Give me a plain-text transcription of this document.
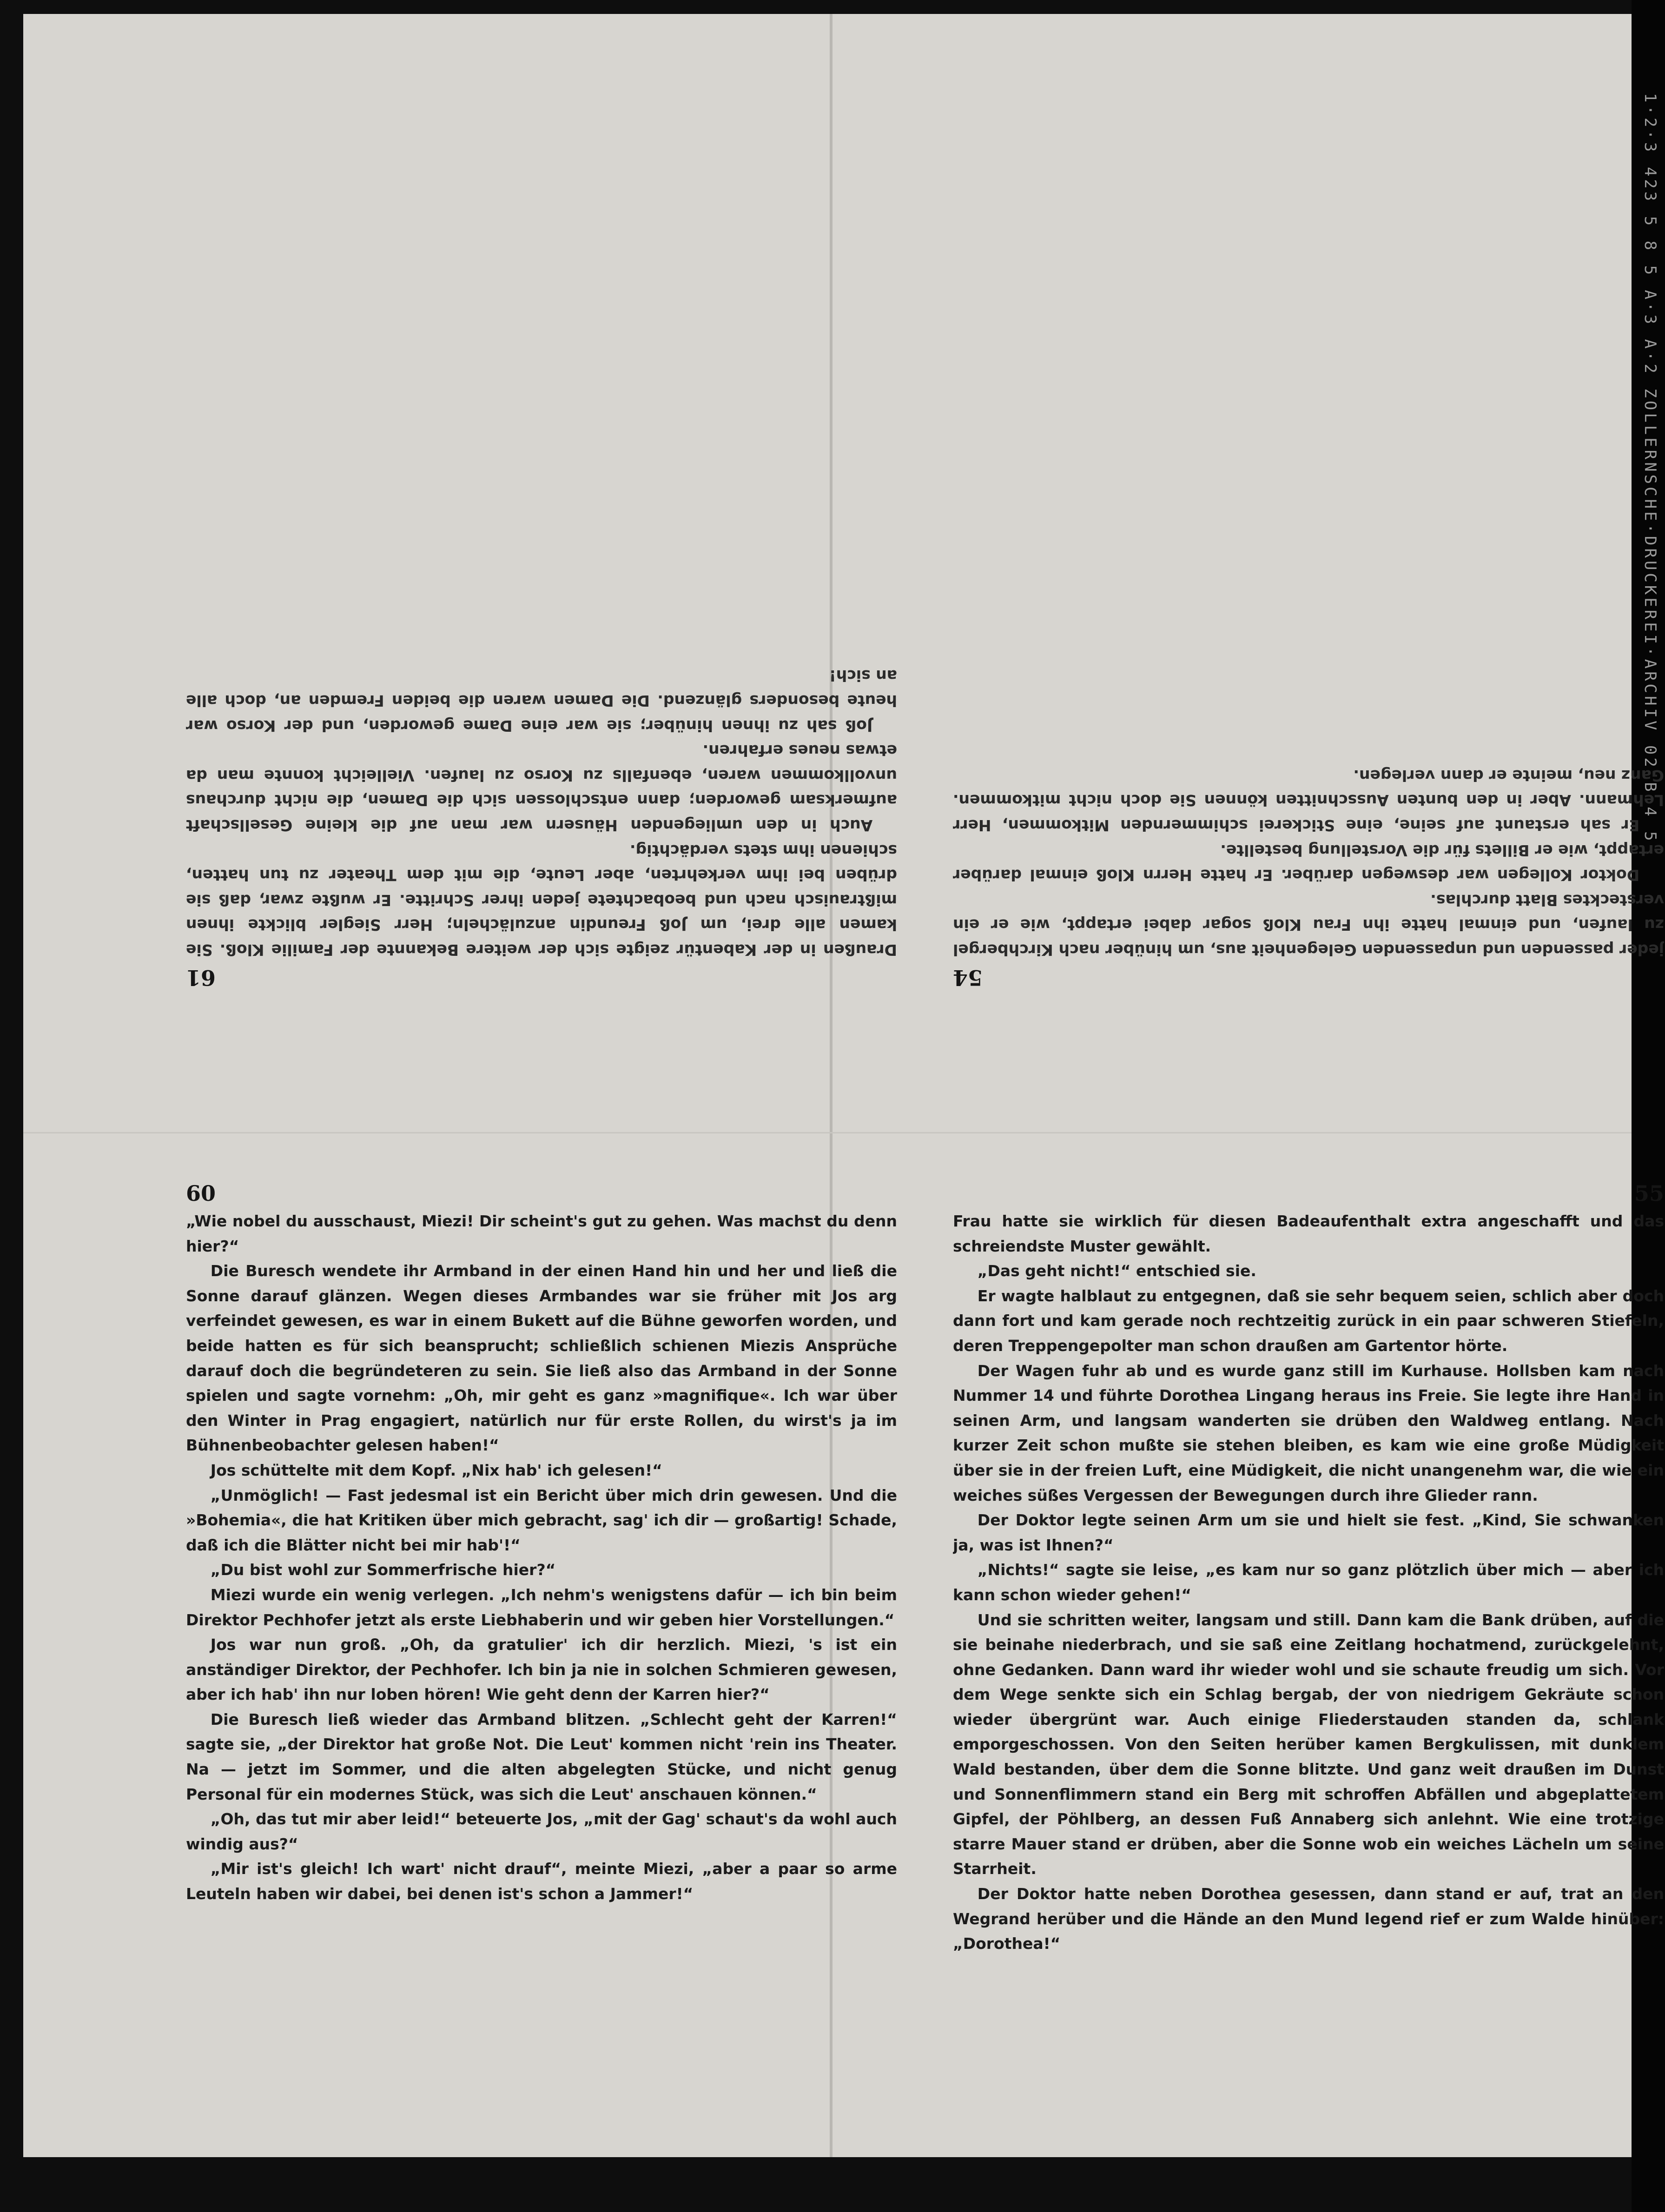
1·2·3 423 5 8 5 A·3 A·2 ZOLLERNSCHE·DRUCKEREI·ARCHIV 02 B 4 5
61

Draußen in der Kabentür zeigte sich der weitere Bekannte der Familie Kloß. Sie kamen alle drei, um Joß Freundin anzulächeln; Herr Siegler blickte ihnen mißtrauisch nach und beobachtete jeden ihrer Schritte. Er wußte zwar, daß sie drüben bei ihm verkehrten, aber Leute, die mit dem Theater zu tun hatten, schienen ihm stets verdächtig.

Auch in den umliegenden Häusern war man auf die kleine Gesellschaft aufmerksam geworden; dann entschlossen sich die Damen, die nicht durchaus unvollkommen waren, ebenfalls zu Korso zu laufen. Vielleicht konnte man da etwas neues erfahren.

Joß sah zu ihnen hinüber; sie war eine Dame geworden, und der Korso war heute besonders glänzend. Die Damen waren die beiden Fremden an, doch alle an sich!

54

jeder passenden und unpassenden Gelegenheit aus, um hinüber nach Kirchbergel zu laufen, und einmal hatte ihn Frau Kloß sogar dabei ertappt, wie er ein verstecktes Blatt durchlas.

Doktor Kollegen war deswegen darüber. Er hatte Herrn Kloß einmal darüber ertappt, wie er Billets für die Vorstellung bestellte.

Er sah erstaunt auf seine, eine Stickerei schimmernden Mitkommen, Herr Lehmann. Aber in den bunten Ausschnitten können Sie doch nicht mitkommen. Ganz neu, meinte er dann verlegen.

60

„Wie nobel du ausschaust, Miezi! Dir scheint's gut zu gehen. Was machst du denn hier?“

Die Buresch wendete ihr Armband in der einen Hand hin und her und ließ die Sonne darauf glänzen. Wegen dieses Armbandes war sie früher mit Jos arg verfeindet gewesen, es war in einem Bukett auf die Bühne geworfen worden, und beide hatten es für sich beansprucht; schließlich schienen Miezis Ansprüche darauf doch die begründeteren zu sein. Sie ließ also das Armband in der Sonne spielen und sagte vornehm: „Oh, mir geht es ganz »magnifique«. Ich war über den Winter in Prag engagiert, natürlich nur für erste Rollen, du wirst's ja im Bühnenbeobachter gelesen haben!“

Jos schüttelte mit dem Kopf. „Nix hab' ich gelesen!“

„Unmöglich! — Fast jedesmal ist ein Bericht über mich drin gewesen. Und die »Bohemia«, die hat Kritiken über mich gebracht, sag' ich dir — großartig! Schade, daß ich die Blätter nicht bei mir hab'!“

„Du bist wohl zur Sommerfrische hier?“

Miezi wurde ein wenig verlegen. „Ich nehm's wenigstens dafür — ich bin beim Direktor Pechhofer jetzt als erste Liebhaberin und wir geben hier Vorstellungen.“

Jos war nun groß. „Oh, da gratulier' ich dir herzlich. Miezi, 's ist ein anständiger Direktor, der Pechhofer. Ich bin ja nie in solchen Schmieren gewesen, aber ich hab' ihn nur loben hören! Wie geht denn der Karren hier?“

Die Buresch ließ wieder das Armband blitzen. „Schlecht geht der Karren!“ sagte sie, „der Direktor hat große Not. Die Leut' kommen nicht 'rein ins Theater. Na — jetzt im Sommer, und die alten abgelegten Stücke, und nicht genug Personal für ein modernes Stück, was sich die Leut' anschauen können.“

„Oh, das tut mir aber leid!“ beteuerte Jos, „mit der Gag' schaut's da wohl auch windig aus?“

„Mir ist's gleich! Ich wart' nicht drauf“, meinte Miezi, „aber a paar so arme Leuteln haben wir dabei, bei denen ist's schon a Jammer!“

55

Frau hatte sie wirklich für diesen Badeaufenthalt extra angeschafft und das schreiendste Muster gewählt.

„Das geht nicht!“ entschied sie.

Er wagte halblaut zu entgegnen, daß sie sehr bequem seien, schlich aber doch dann fort und kam gerade noch rechtzeitig zurück in ein paar schweren Stiefeln, deren Treppengepolter man schon draußen am Gartentor hörte.

Der Wagen fuhr ab und es wurde ganz still im Kurhause. Hollsben kam nach Nummer 14 und führte Dorothea Lingang heraus ins Freie. Sie legte ihre Hand in seinen Arm, und langsam wanderten sie drüben den Waldweg entlang. Nach kurzer Zeit schon mußte sie stehen bleiben, es kam wie eine große Müdigkeit über sie in der freien Luft, eine Müdigkeit, die nicht unangenehm war, die wie ein weiches süßes Vergessen der Bewegungen durch ihre Glieder rann.

Der Doktor legte seinen Arm um sie und hielt sie fest. „Kind, Sie schwanken ja, was ist Ihnen?“

„Nichts!“ sagte sie leise, „es kam nur so ganz plötzlich über mich — aber ich kann schon wieder gehen!“

Und sie schritten weiter, langsam und still. Dann kam die Bank drüben, auf die sie beinahe niederbrach, und sie saß eine Zeitlang hochatmend, zurückgelehnt, ohne Gedanken. Dann ward ihr wieder wohl und sie schaute freudig um sich. Vor dem Wege senkte sich ein Schlag bergab, der von niedrigem Gekräute schon wieder übergrünt war. Auch einige Fliederstauden standen da, schlank emporgeschossen. Von den Seiten herüber kamen Bergkulissen, mit dunklem Wald bestanden, über dem die Sonne blitzte. Und ganz weit draußen im Dunst und Sonnenflimmern stand ein Berg mit schroffen Abfällen und abgeplattetem Gipfel, der Pöhlberg, an dessen Fuß Annaberg sich anlehnt. Wie eine trotzige starre Mauer stand er drüben, aber die Sonne wob ein weiches Lächeln um seine Starrheit.

Der Doktor hatte neben Dorothea gesessen, dann stand er auf, trat an den Wegrand herüber und die Hände an den Mund legend rief er zum Walde hinüber: „Dorothea!“
